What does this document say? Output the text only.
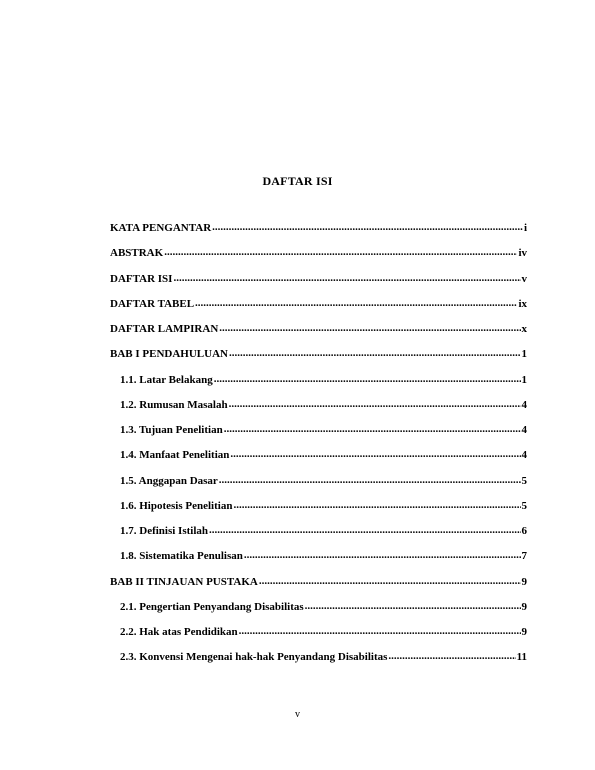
DAFTAR ISI
KATA PENGANTAR .....	i
ABSTRAK .....	iv
DAFTAR ISI .....	v
DAFTAR TABEL .....	ix
DAFTAR LAMPIRAN .....	x
BAB I PENDAHULUAN .....	1
1.1. Latar Belakang .....	1
1.2. Rumusan Masalah .....	4
1.3. Tujuan Penelitian .....	4
1.4. Manfaat Penelitian .....	4
1.5. Anggapan Dasar .....	5
1.6. Hipotesis Penelitian .....	5
1.7. Definisi Istilah .....	6
1.8. Sistematika Penulisan .....	7
BAB II TINJAUAN PUSTAKA .....	9
2.1. Pengertian Penyandang Disabilitas .....	9
2.2. Hak atas Pendidikan .....	9
2.3. Konvensi Mengenai hak-hak Penyandang Disabilitas .....	11
v
